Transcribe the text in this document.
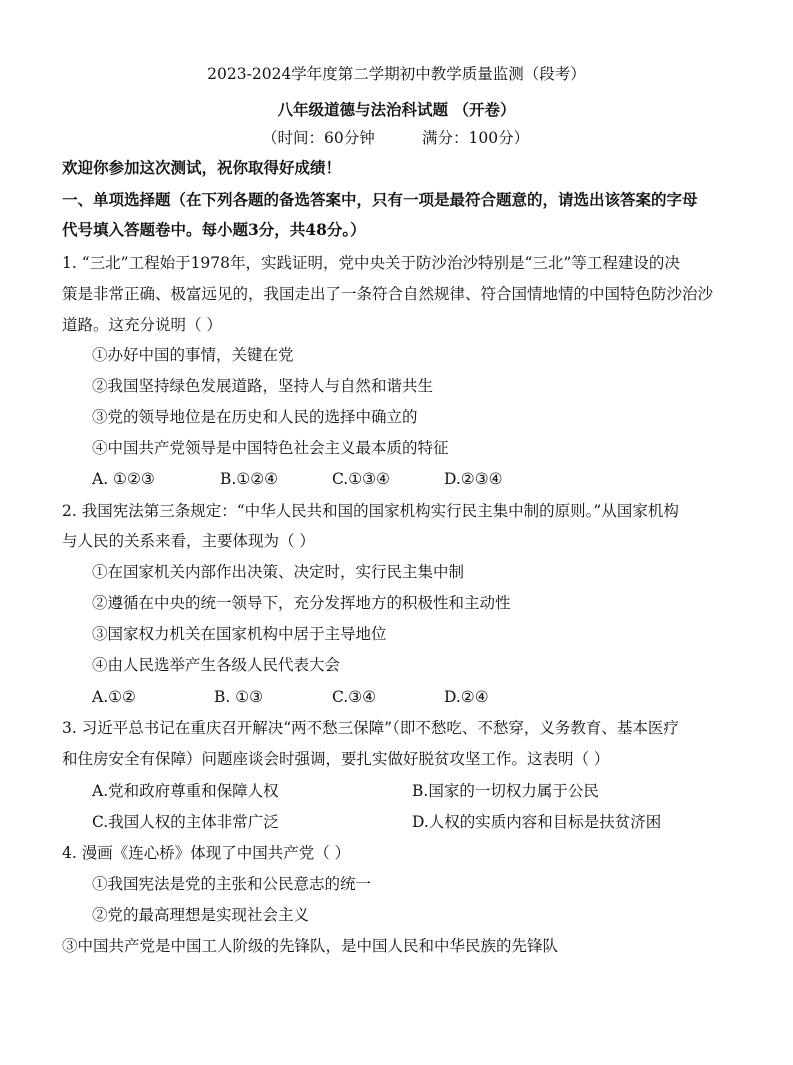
2023-2024学年度第二学期初中教学质量监测（段考）
八年级道德与法治科试题 （开卷）
（时间：60分钟	满分：100分）
欢迎你参加这次测试，祝你取得好成绩！
一、单项选择题（在下列各题的备选答案中，只有一项是最符合题意的，请选出该答案的字母
代号填入答题卷中。每小题3分，共48分。）
1. “三北”工程始于1978年，实践证明，党中央关于防沙治沙特别是“三北”等工程建设的决
策是非常正确、极富远见的，我国走出了一条符合自然规律、符合国情地情的中国特色防沙治沙
道路。这充分说明（ ）
①办好中国的事情，关键在党
②我国坚持绿色发展道路，坚持人与自然和谐共生
③党的领导地位是在历史和人民的选择中确立的
④中国共产党领导是中国特色社会主义最本质的特征
A. ①②③	B.①②④	C.①③④	D.②③④
2. 我国宪法第三条规定：“中华人民共和国的国家机构实行民主集中制的原则。”从国家机构
与人民的关系来看，主要体现为（ ）
①在国家机关内部作出决策、决定时，实行民主集中制
②遵循在中央的统一领导下，充分发挥地方的积极性和主动性
③国家权力机关在国家机构中居于主导地位
④由人民选举产生各级人民代表大会
A.①②	B. ①③	C.③④	D.②④
3. 习近平总书记在重庆召开解决“两不愁三保障”（即不愁吃、不愁穿，义务教育、基本医疗
和住房安全有保障）问题座谈会时强调，要扎实做好脱贫攻坚工作。这表明（ ）
A.党和政府尊重和保障人权	B.国家的一切权力属于公民
C.我国人权的主体非常广泛	D.人权的实质内容和目标是扶贫济困
4. 漫画《连心桥》体现了中国共产党（ ）
①我国宪法是党的主张和公民意志的统一
②党的最高理想是实现社会主义
③中国共产党是中国工人阶级的先锋队，是中国人民和中华民族的先锋队
